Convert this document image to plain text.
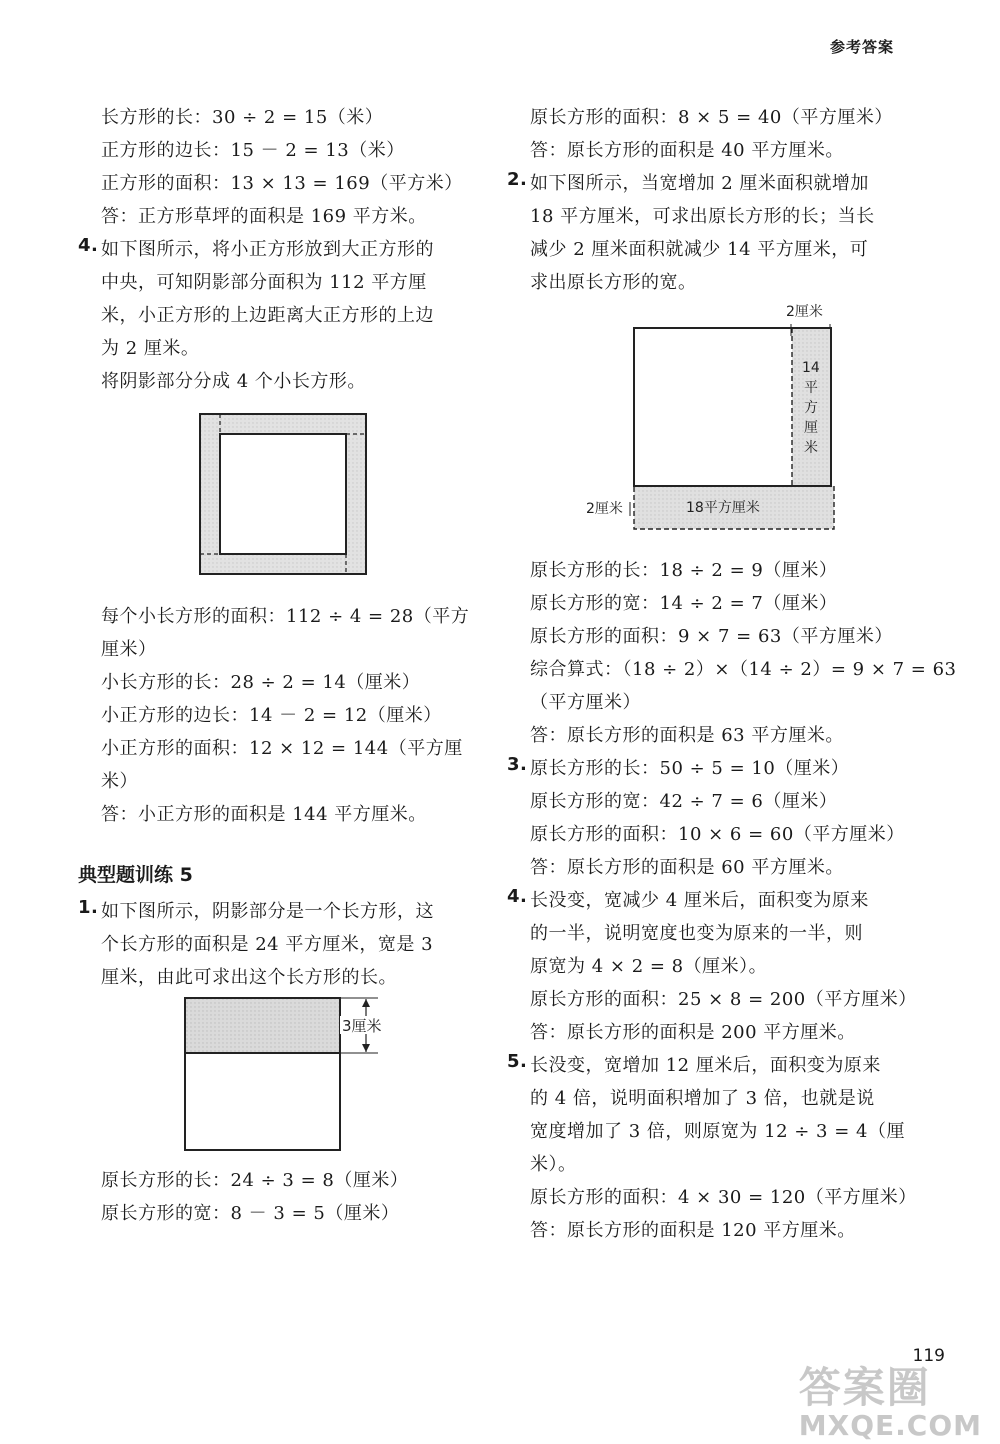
参考答案
长方形的长：30 ÷ 2 = 15（米）
正方形的边长：15 － 2 = 13（米）
正方形的面积：13 × 13 = 169（平方米）
答：正方形草坪的面积是 169 平方米。
4. 如下图所示，将小正方形放到大正方形的
中央，可知阴影部分面积为 112 平方厘
米，小正方形的上边距离大正方形的上边
为 2 厘米。
将阴影部分分成 4 个小长方形。
每个小长方形的面积：112 ÷ 4 = 28（平方
厘米）
小长方形的长：28 ÷ 2 = 14（厘米）
小正方形的边长：14 － 2 = 12（厘米）
小正方形的面积：12 × 12 = 144（平方厘
米）
答：小正方形的面积是 144 平方厘米。
典型题训练 5
1. 如下图所示，阴影部分是一个长方形，这
个长方形的面积是 24 平方厘米，宽是 3
厘米，由此可求出这个长方形的长。
3厘米
原长方形的长：24 ÷ 3 = 8（厘米）
原长方形的宽：8 － 3 = 5（厘米）
原长方形的面积：8 × 5 = 40（平方厘米）
答：原长方形的面积是 40 平方厘米。
2. 如下图所示，当宽增加 2 厘米面积就增加
18 平方厘米，可求出原长方形的长；当长
减少 2 厘米面积就减少 14 平方厘米，可
求出原长方形的宽。
2厘米
2厘米	18平方厘米
14
平
方
厘
米
原长方形的长：18 ÷ 2 = 9（厘米）
原长方形的宽：14 ÷ 2 = 7（厘米）
原长方形的面积：9 × 7 = 63（平方厘米）
综合算式：（18 ÷ 2）×（14 ÷ 2）= 9 × 7 = 63
（平方厘米）
答：原长方形的面积是 63 平方厘米。
3. 原长方形的长：50 ÷ 5 = 10（厘米）
原长方形的宽：42 ÷ 7 = 6（厘米）
原长方形的面积：10 × 6 = 60（平方厘米）
答：原长方形的面积是 60 平方厘米。
4. 长没变，宽减少 4 厘米后，面积变为原来
的一半，说明宽度也变为原来的一半，则
原宽为 4 × 2 = 8（厘米）。
原长方形的面积：25 × 8 = 200（平方厘米）
答：原长方形的面积是 200 平方厘米。
5. 长没变，宽增加 12 厘米后，面积变为原来
的 4 倍，说明面积增加了 3 倍，也就是说
宽度增加了 3 倍，则原宽为 12 ÷ 3 = 4（厘
米）。
原长方形的面积：4 × 30 = 120（平方厘米）
答：原长方形的面积是 120 平方厘米。
119
答案圈
MXQE.COM
